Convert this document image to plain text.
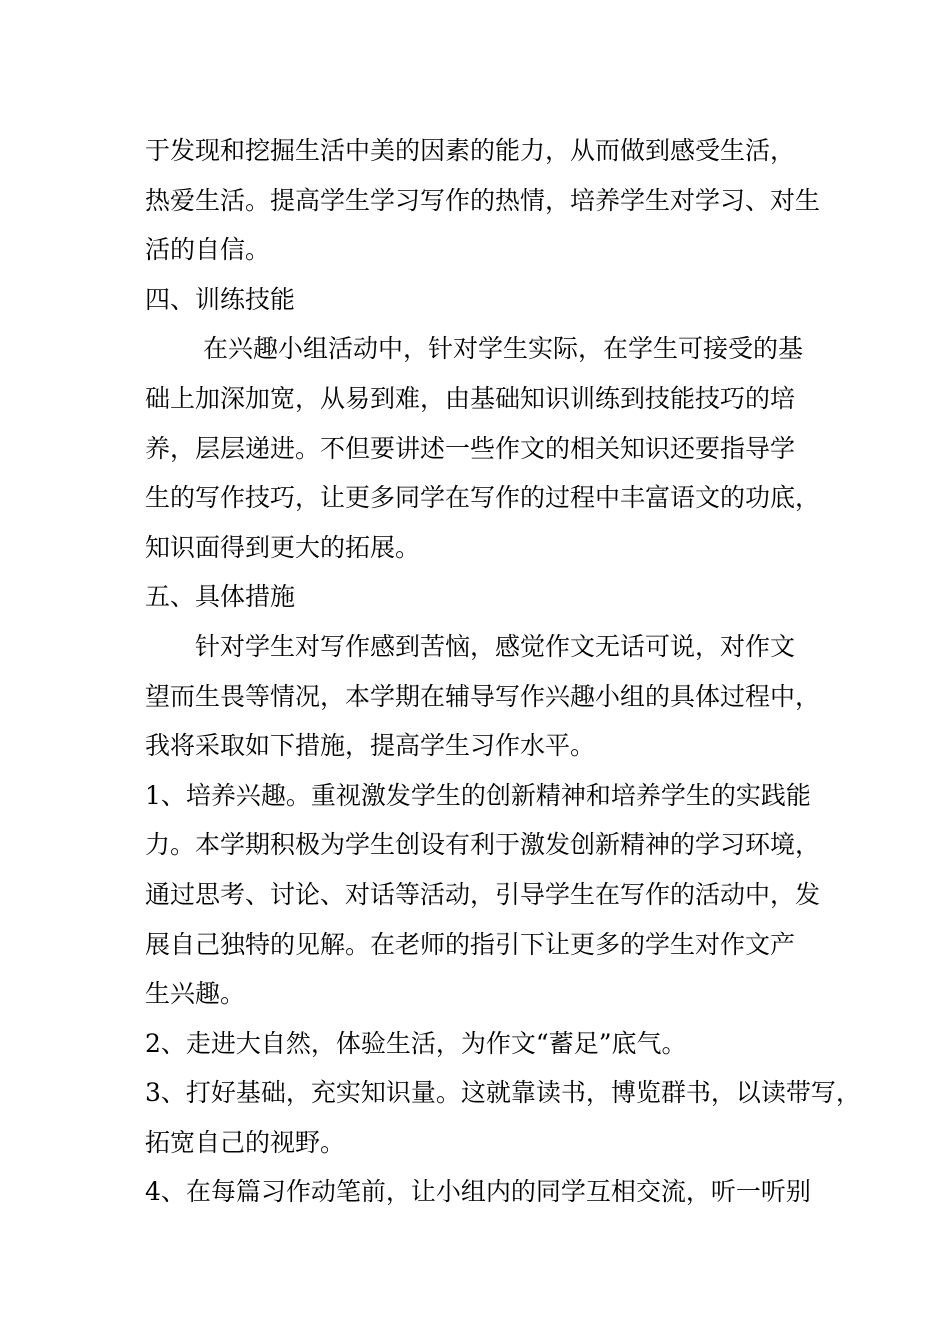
于发现和挖掘生活中美的因素的能力，从而做到感受生活，
热爱生活。提高学生学习写作的热情，培养学生对学习、对生
活的自信。
四、训练技能
在兴趣小组活动中，针对学生实际，在学生可接受的基
础上加深加宽，从易到难，由基础知识训练到技能技巧的培
养，层层递进。不但要讲述一些作文的相关知识还要指导学
生的写作技巧，让更多同学在写作的过程中丰富语文的功底，
知识面得到更大的拓展。
五、具体措施
针对学生对写作感到苦恼，感觉作文无话可说，对作文
望而生畏等情况，本学期在辅导写作兴趣小组的具体过程中，
我将采取如下措施，提高学生习作水平。
1、培养兴趣。重视激发学生的创新精神和培养学生的实践能
力。本学期积极为学生创设有利于激发创新精神的学习环境，
通过思考、讨论、对话等活动，引导学生在写作的活动中，发
展自己独特的见解。在老师的指引下让更多的学生对作文产
生兴趣。
2、走进大自然，体验生活，为作文“蓄足”底气。
3、打好基础，充实知识量。这就靠读书，博览群书，以读带写，
拓宽自己的视野。
4、在每篇习作动笔前，让小组内的同学互相交流，听一听别
